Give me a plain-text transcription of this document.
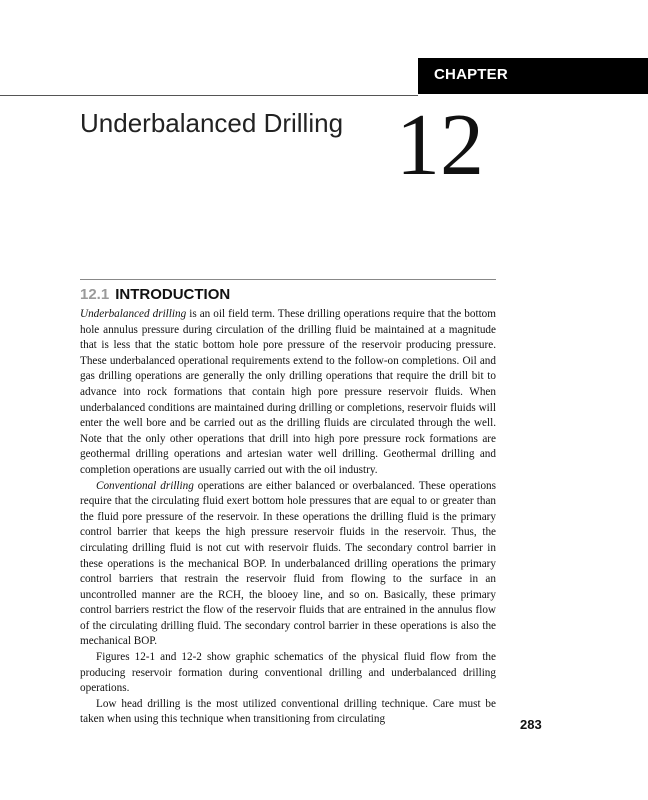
CHAPTER
Underbalanced Drilling 12
12.1 INTRODUCTION

Underbalanced drilling is an oil field term. These drilling operations require that the bottom hole annulus pressure during circulation of the drilling fluid be maintained at a magnitude that is less that the static bottom hole pore pressure of the reservoir producing pressure. These underbalanced operational requirements extend to the follow-on completions. Oil and gas drilling operations are generally the only drilling operations that require the drill bit to advance into rock formations that contain high pore pressure reservoir fluids. When underbalanced conditions are maintained during drilling or completions, reservoir fluids will enter the well bore and be carried out as the drilling fluids are circulated through the well. Note that the only other operations that drill into high pore pressure rock formations are geothermal drilling operations and artesian water well drilling. Geothermal drilling and completion operations are usually carried out with the oil industry.

Conventional drilling operations are either balanced or overbalanced. These operations require that the circulating fluid exert bottom hole pressures that are equal to or greater than the fluid pore pressure of the reservoir. In these operations the drilling fluid is the primary control barrier that keeps the high pressure reservoir fluids in the reservoir. Thus, the circulating drilling fluid is not cut with reservoir fluids. The secondary control barrier in these operations is the mechanical BOP. In underbalanced drilling operations the primary control barriers that restrain the reservoir fluid from flowing to the surface in an uncontrolled manner are the RCH, the blooey line, and so on. Basically, these primary control barriers restrict the flow of the reservoir fluids that are entrained in the annulus flow of the circulating drilling fluid. The secondary control barrier in these operations is also the mechanical BOP.

Figures 12-1 and 12-2 show graphic schematics of the physical fluid flow from the producing reservoir formation during conventional drilling and underbalanced drilling operations.

Low head drilling is the most utilized conventional drilling technique. Care must be taken when using this technique when transitioning from circulating	283
